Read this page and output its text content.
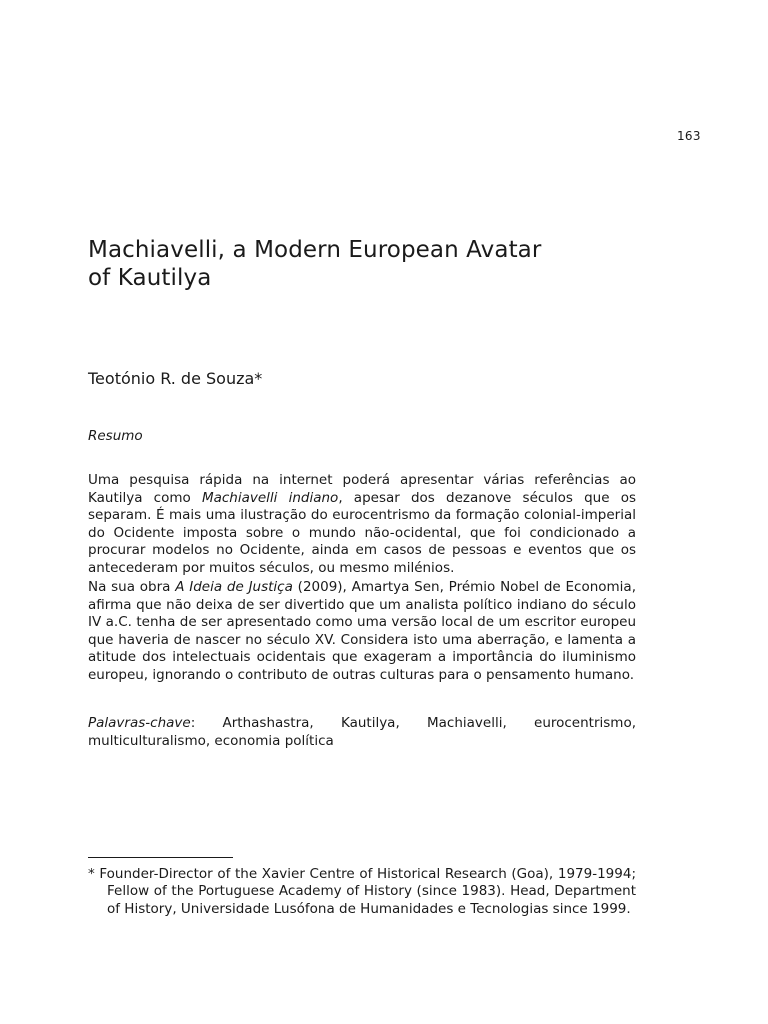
163
Machiavelli, a Modern European Avatar
of Kautilya
Teotónio R. de Souza*
Resumo

Uma pesquisa rápida na internet poderá apresentar várias referências ao Kautilya como Machiavelli indiano, apesar dos dezanove séculos que os separam. É mais uma ilustração do eurocentrismo da formação colonial-imperial do Ocidente imposta sobre o mundo não-ocidental, que foi condicionado a procurar modelos no Ocidente, ainda em casos de pessoas e eventos que os antecederam por muitos séculos, ou mesmo milénios.

Na sua obra A Ideia de Justiça (2009), Amartya Sen, Prémio Nobel de Economia, afirma que não deixa de ser divertido que um analista político indiano do século IV a.C. tenha de ser apresentado como uma versão local de um escritor europeu que haveria de nascer no século XV. Considera isto uma aberração, e lamenta a atitude dos intelectuais ocidentais que exageram a importância do iluminismo europeu, ignorando o contributo de outras culturas para o pensamento humano.

Palavras-chave: Arthashastra, Kautilya, Machiavelli, eurocentrismo, multiculturalismo, economia política

* Founder-Director of the Xavier Centre of Historical Research (Goa), 1979-1994; Fellow of the Portuguese Academy of History (since 1983). Head, Department of History, Universidade Lusófona de Humanidades e Tecnologias since 1999.
